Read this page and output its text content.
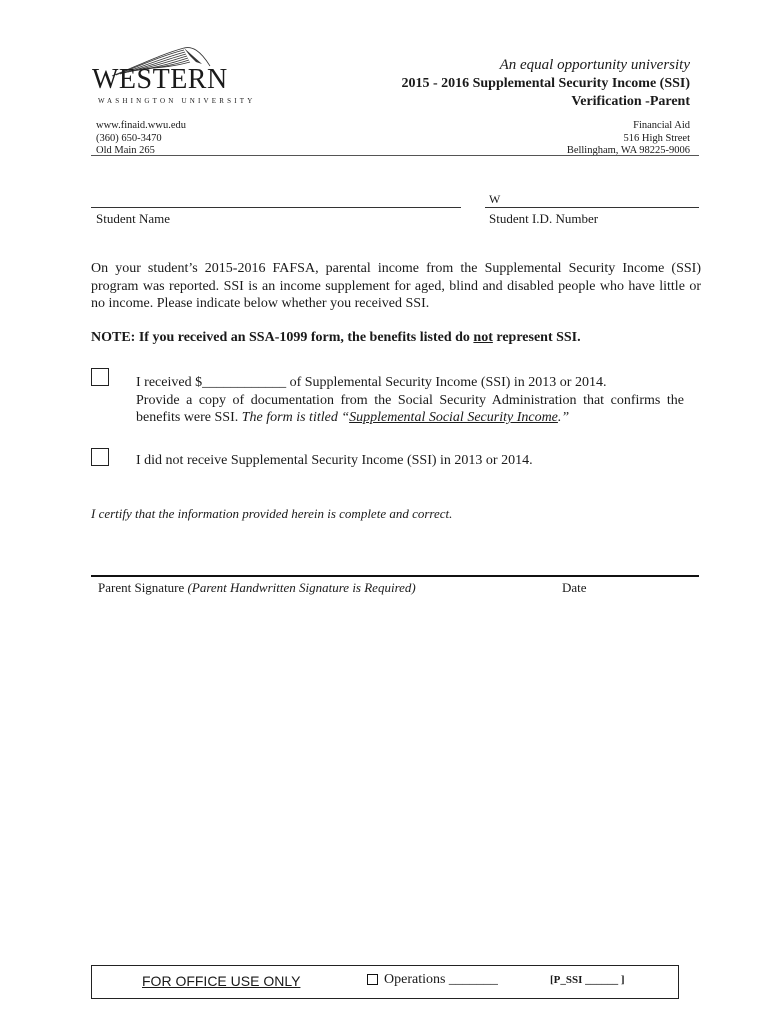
WESTERN
WASHINGTON UNIVERSITY
An equal opportunity university
2015 - 2016 Supplemental Security Income (SSI)
Verification -Parent
www.finaid.wwu.edu
(360) 650-3470
Old Main 265
Financial Aid
516 High Street
Bellingham, WA 98225-9006
Student Name
W
Student I.D. Number
On your student’s 2015-2016 FAFSA, parental income from the Supplemental Security Income (SSI) program was reported. SSI is an income supplement for aged, blind and disabled people who have little or no income. Please indicate below whether you received SSI.
NOTE: If you received an SSA-1099 form, the benefits listed do not represent SSI.
I received $____________ of Supplemental Security Income (SSI) in 2013 or 2014.
Provide a copy of documentation from the Social Security Administration that confirms the benefits were SSI. The form is titled “Supplemental Social Security Income.”
I did not receive Supplemental Security Income (SSI) in 2013 or 2014.
I certify that the information provided herein is complete and correct.
Parent Signature (Parent Handwritten Signature is Required)	Date
FOR OFFICE USE ONLY	Operations _______	[P_SSI ______ ]
